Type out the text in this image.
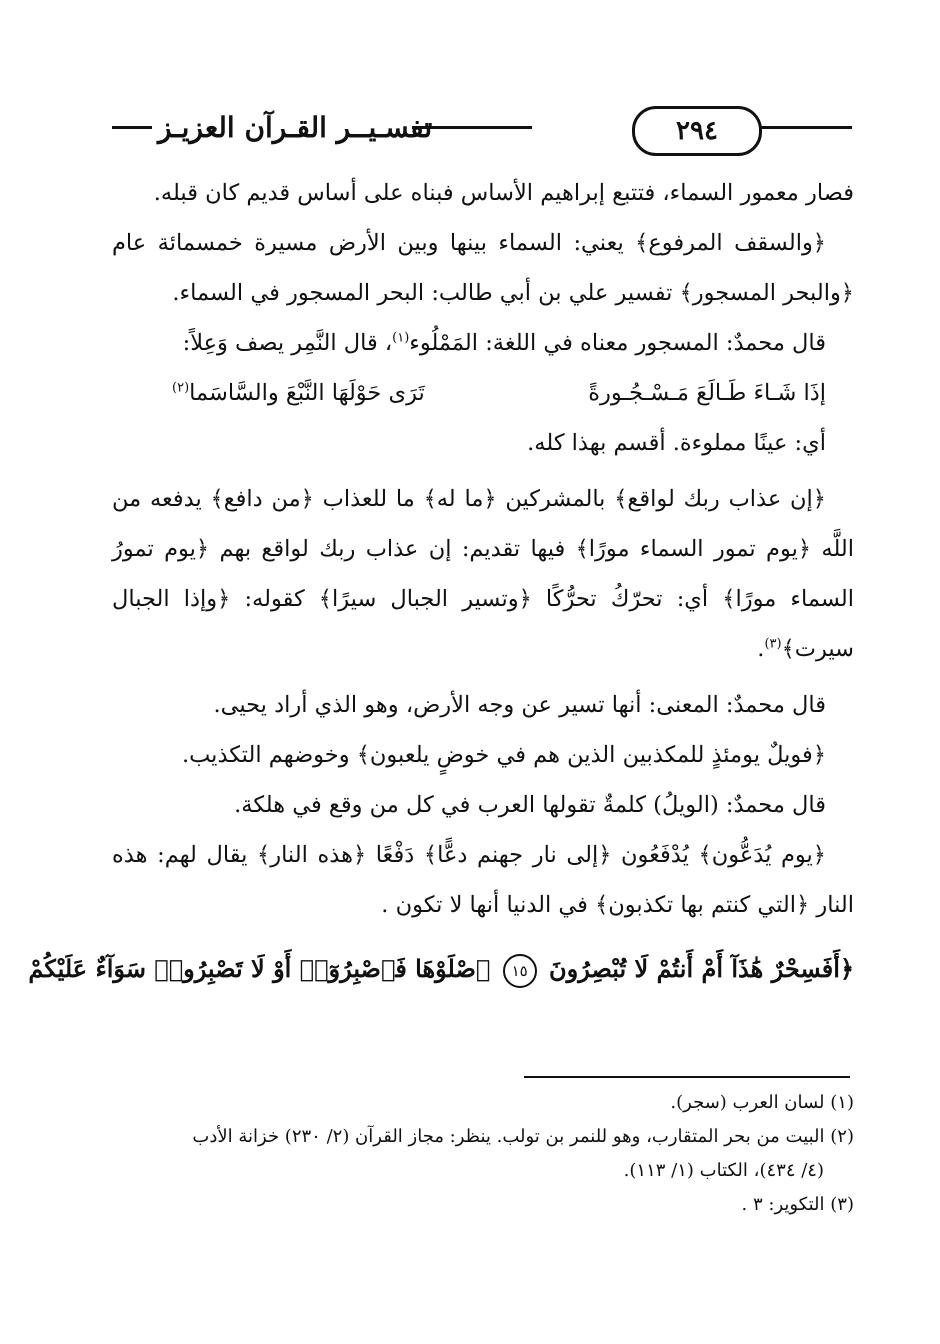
٢٩٤
تفسـيــر القـرآن العزيـز

فصار معمور السماء، فتتبع إبراهيم الأساس فبناه على أساس قديم كان قبله.

﴿والسقف المرفوع﴾ يعني: السماء بينها وبين الأرض مسيرة خمسمائة عام ﴿والبحر المسجور﴾ تفسير علي بن أبي طالب: البحر المسجور في السماء.

قال محمدٌ: المسجور معناه في اللغة: المَمْلُوء$^{(١)}$، قال النَّمِر يصف وَعِلاً:

إذَا شَـاءَ طَـالَعَ مَـسْـجُـورةً
تَرَى حَوْلَهَا النَّبْعَ والسَّاسَما$^{(٢)}$

أي: عينًا مملوءة. أقسم بهذا كله.

﴿إن عذاب ربك لواقع﴾ بالمشركين ﴿ما له﴾ ما للعذاب ﴿من دافع﴾ يدفعه من اللَّه ﴿يوم تمور السماء مورًا﴾ فيها تقديم: إن عذاب ربك لواقع بهم ﴿يوم تمورُ السماء مورًا﴾ أي: تحرّكُ تحرُّكًا ﴿وتسير الجبال سيرًا﴾ كقوله: ﴿وإذا الجبال سيرت﴾$^{(٣)}$.

قال محمدٌ: المعنى: أنها تسير عن وجه الأرض، وهو الذي أراد يحيى.

﴿فويلٌ يومئذٍ للمكذبين الذين هم في خوضٍ يلعبون﴾ وخوضهم التكذيب.

قال محمدٌ: (الويلُ) كلمةٌ تقولها العرب في كل من وقع في هلكة.

﴿يوم يُدَعُّون﴾ يُدْفَعُون ﴿إلى نار جهنم دعًّا﴾ دَفْعًا ﴿هذه النار﴾ يقال لهم: هذه النار ﴿التي كنتم بها تكذبون﴾ في الدنيا أنها لا تكون .

﴿أَفَسِحْرٌ هَٰذَآ أَمْ أَنتُمْ لَا تُبْصِرُونَ ١٥ ٱصْلَوْهَا فَٱصْبِرُوٓا۟ أَوْ لَا تَصْبِرُوا۟ سَوَآءٌ عَلَيْكُمْ

(١) لسان العرب (سجر).

(٢) البيت من بحر المتقارب، وهو للنمر بن تولب. ينظر: مجاز القرآن (٢/ ٢٣٠) خزانة الأدب

(٤/ ٤٣٤)، الكتاب (١/ ١١٣).

(٣) التكوير: ٣ .
